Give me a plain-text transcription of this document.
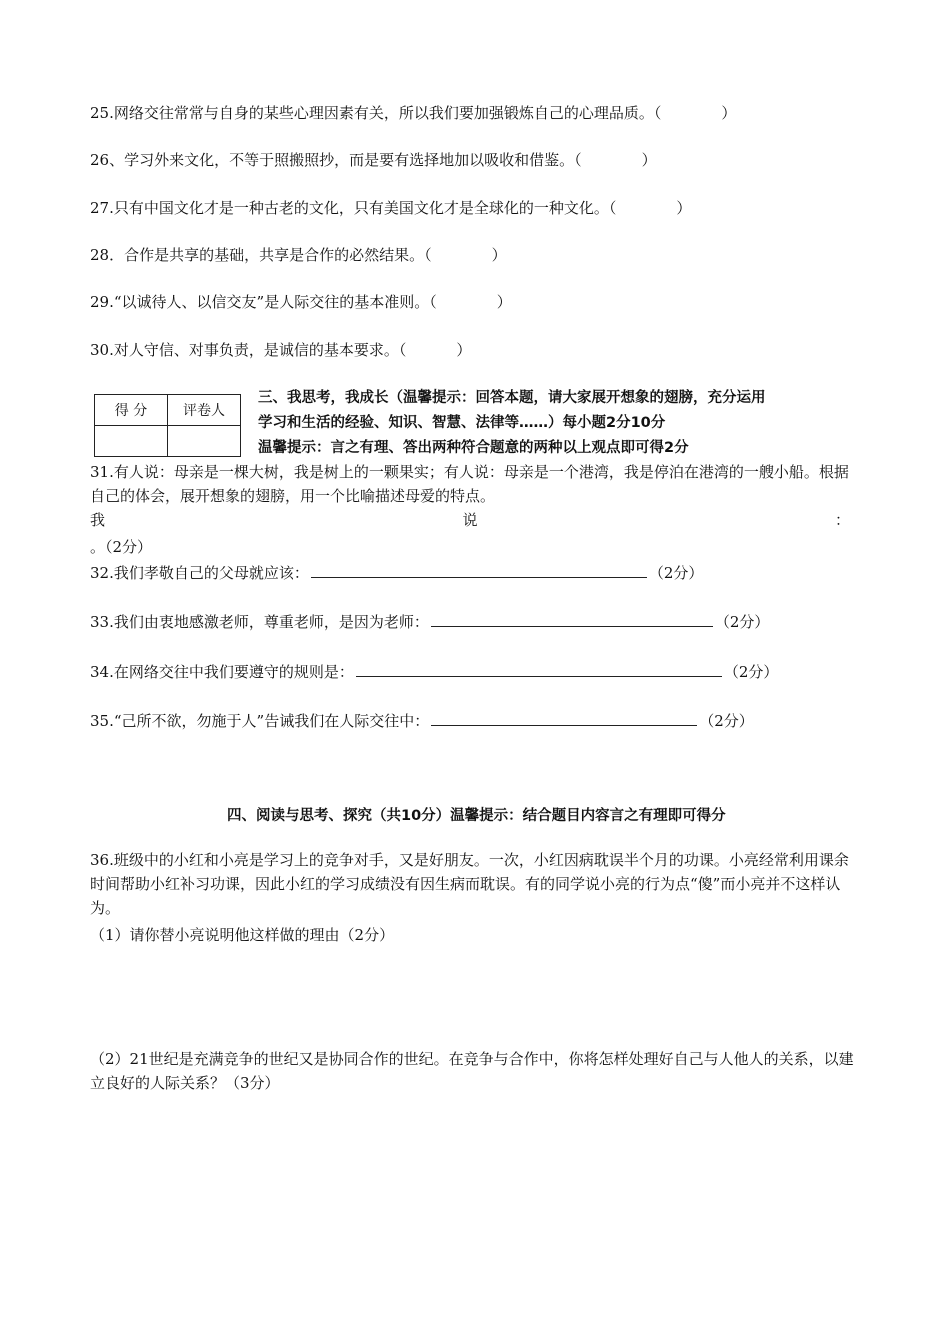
25.网络交往常常与自身的某些心理因素有关，所以我们要加强锻炼自己的心理品质。（	）
26、学习外来文化，不等于照搬照抄，而是要有选择地加以吸收和借鉴。（	）
27.只有中国文化才是一种古老的文化，只有美国文化才是全球化的一种文化。（	）
28．合作是共享的基础，共享是合作的必然结果。（	）
29.“以诚待人、以信交友”是人际交往的基本准则。（	）
30.对人守信、对事负责，是诚信的基本要求。（	）
得 分	评卷人

三、我思考，我成长（温馨提示：回答本题，请大家展开想象的翅膀，充分运用
学习和生活的经验、知识、智慧、法律等……）每小题2分10分
温馨提示：言之有理、答出两种符合题意的两种以上观点即可得2分
31.有人说：母亲是一棵大树，我是树上的一颗果实；有人说：母亲是一个港湾，我是停泊在港湾的一艘小船。根据自己的体会，展开想象的翅膀，用一个比喻描述母爱的特点。
我	说	：
。（2分）
32.我们孝敬自己的父母就应该：	（2分）
33.我们由衷地感激老师，尊重老师，是因为老师：	（2分）
34.在网络交往中我们要遵守的规则是：	（2分）
35.“己所不欲，勿施于人”告诫我们在人际交往中：	（2分）
四、阅读与思考、探究（共10分）温馨提示：结合题目内容言之有理即可得分
36.班级中的小红和小亮是学习上的竞争对手，又是好朋友。一次，小红因病耽误半个月的功课。小亮经常利用课余时间帮助小红补习功课，因此小红的学习成绩没有因生病而耽误。有的同学说小亮的行为点“傻”而小亮并不这样认为。
（1）请你替小亮说明他这样做的理由（2分）
（2）21世纪是充满竞争的世纪又是协同合作的世纪。在竞争与合作中，你将怎样处理好自己与人他人的关系，以建立良好的人际关系？（3分）
